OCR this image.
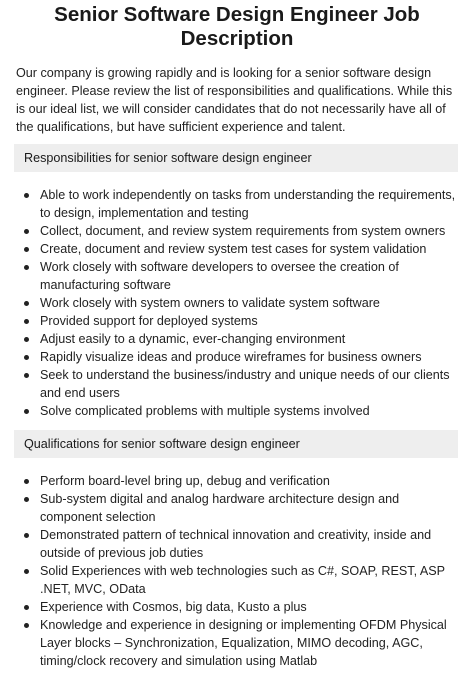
Senior Software Design Engineer Job Description

Our company is growing rapidly and is looking for a senior software design engineer. Please review the list of responsibilities and qualifications. While this is our ideal list, we will consider candidates that do not necessarily have all of the qualifications, but have sufficient experience and talent.

Responsibilities for senior software design engineer
Able to work independently on tasks from understanding the requirements, to design, implementation and testing
Collect, document, and review system requirements from system owners
Create, document and review system test cases for system validation
Work closely with software developers to oversee the creation of manufacturing software
Work closely with system owners to validate system software
Provided support for deployed systems
Adjust easily to a dynamic, ever-changing environment
Rapidly visualize ideas and produce wireframes for business owners
Seek to understand the business/industry and unique needs of our clients and end users
Solve complicated problems with multiple systems involved
Qualifications for senior software design engineer
Perform board-level bring up, debug and verification
Sub-system digital and analog hardware architecture design and component selection
Demonstrated pattern of technical innovation and creativity, inside and outside of previous job duties
Solid Experiences with web technologies such as C#, SOAP, REST, ASP .NET, MVC, OData
Experience with Cosmos, big data, Kusto a plus
Knowledge and experience in designing or implementing OFDM Physical Layer blocks – Synchronization, Equalization, MIMO decoding, AGC, timing/clock recovery and simulation using Matlab
